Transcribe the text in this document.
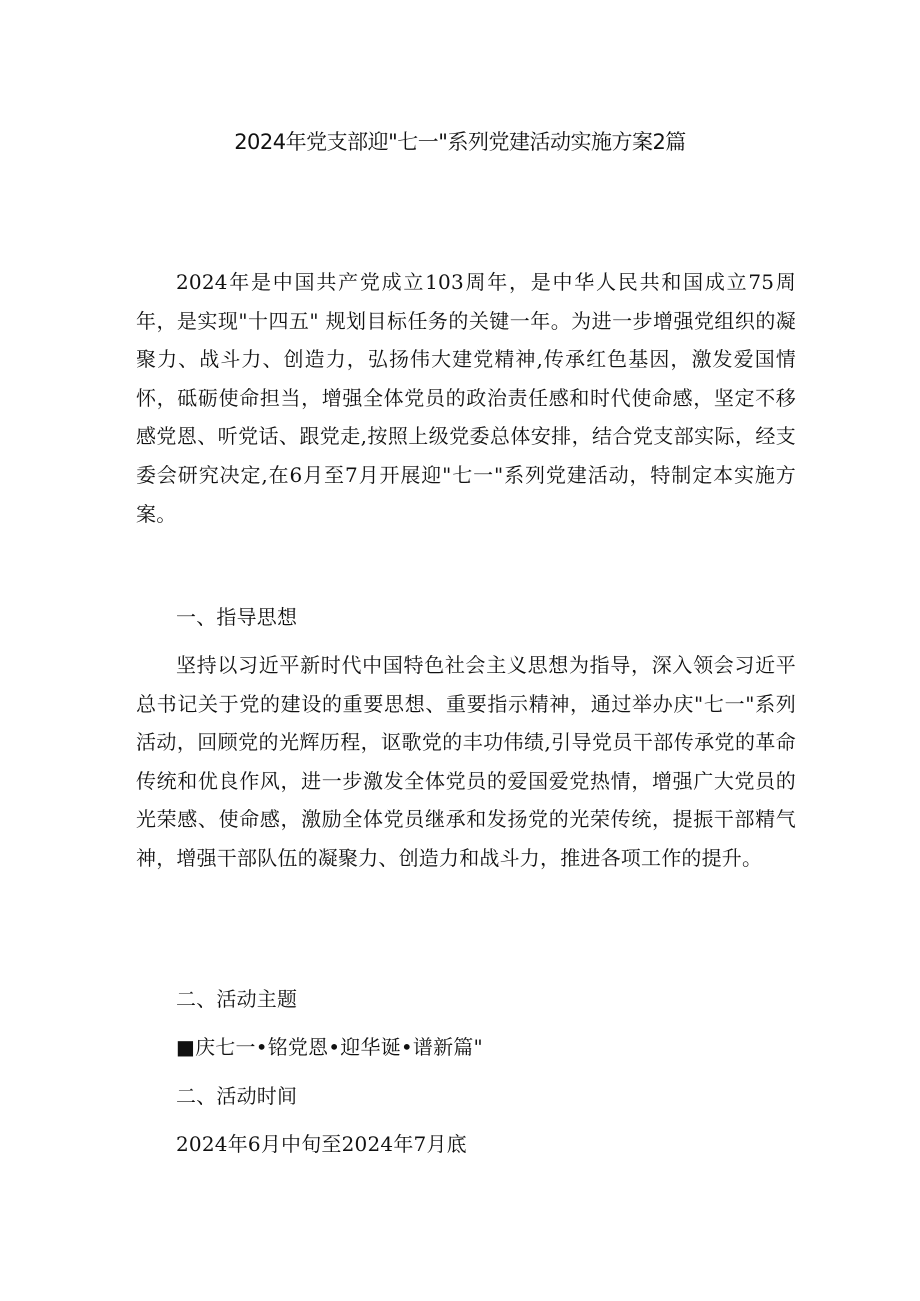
2024年党支部迎"七一"系列党建活动实施方案2篇

2024年是中国共产党成立103周年，是中华人民共和国成立75周年，是实现"十四五" 规划目标任务的关键一年。为进一步增强党组织的凝聚力、战斗力、创造力，弘扬伟大建党精神,传承红色基因，激发爱国情怀，砥砺使命担当，增强全体党员的政治责任感和时代使命感，坚定不移感党恩、听党话、跟党走,按照上级党委总体安排，结合党支部实际，经支委会研究决定,在6月至7月开展迎"七一"系列党建活动，特制定本实施方案。

一、指导思想

坚持以习近平新时代中国特色社会主义思想为指导，深入领会习近平总书记关于党的建设的重要思想、重要指示精神，通过举办庆"七一"系列活动，回顾党的光辉历程，讴歌党的丰功伟绩,引导党员干部传承党的革命传统和优良作风，进一步激发全体党员的爱国爱党热情，增强广大党员的光荣感、使命感，激励全体党员继承和发扬党的光荣传统，提振干部精气神，增强干部队伍的凝聚力、创造力和战斗力，推进各项工作的提升。

二、活动主题

■庆七一•铭党恩•迎华诞•谱新篇"

二、活动时间

2024年6月中旬至2024年7月底
